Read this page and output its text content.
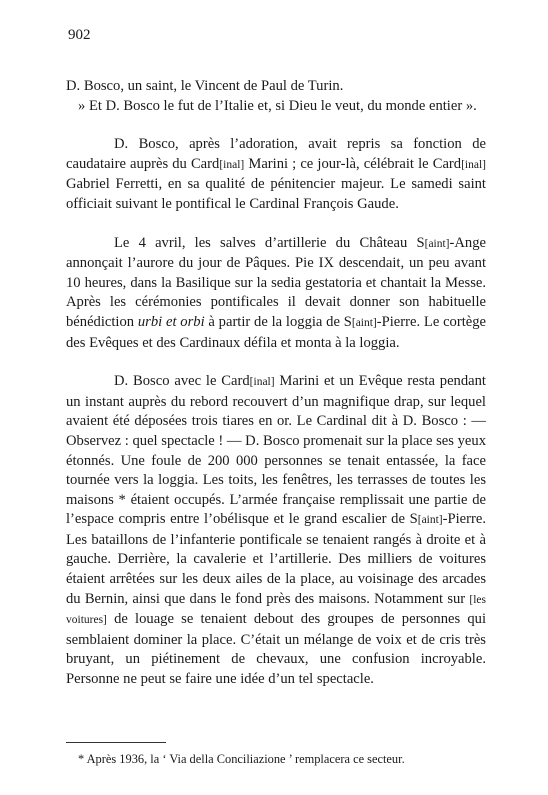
902

D. Bosco, un saint, le Vincent de Paul de Turin.

» Et D. Bosco le fut de l’Italie et, si Dieu le veut, du monde entier ».

D. Bosco, après l’adoration, avait repris sa fonction de caudataire auprès du Card[inal] Marini ; ce jour-là, célébrait le Card[inal] Gabriel Ferretti, en sa qualité de pénitencier majeur. Le samedi saint officiait suivant le pontifical le Cardinal François Gaude.

Le 4 avril, les salves d’artillerie du Château S[aint]-Ange annonçait l’aurore du jour de Pâques. Pie IX descendait, un peu avant 10 heures, dans la Basilique sur la sedia gestatoria et chantait la Messe. Après les cérémonies pontificales il devait donner son habituelle bénédiction urbi et orbi à partir de la loggia de S[aint]-Pierre. Le cortège des Evêques et des Cardinaux défila et monta à la loggia.

D. Bosco avec le Card[inal] Marini et un Evêque resta pendant un instant auprès du rebord recouvert d’un magnifique drap, sur lequel avaient été déposées trois tiares en or. Le Cardinal dit à D. Bosco : — Observez : quel spectacle ! — D. Bosco promenait sur la place ses yeux étonnés. Une foule de 200 000 personnes se tenait entassée, la face tournée vers la loggia. Les toits, les fenêtres, les terrasses de toutes les maisons * étaient occupés. L’armée française remplissait une partie de l’espace compris entre l’obélisque et le grand escalier de S[aint]-Pierre. Les bataillons de l’infanterie pontificale se tenaient rangés à droite et à gauche. Derrière, la cavalerie et l’artillerie. Des milliers de voitures étaient arrêtées sur les deux ailes de la place, au voisinage des arcades du Bernin, ainsi que dans le fond près des maisons. Notamment sur [les voitures] de louage se tenaient debout des groupes de personnes qui semblaient dominer la place. C’était un mélange de voix et de cris très bruyant, un piétinement de chevaux, une confusion incroyable. Personne ne peut se faire une idée d’un tel spectacle.

* Après 1936, la ‘ Via della Conciliazione ’ remplacera ce secteur.
